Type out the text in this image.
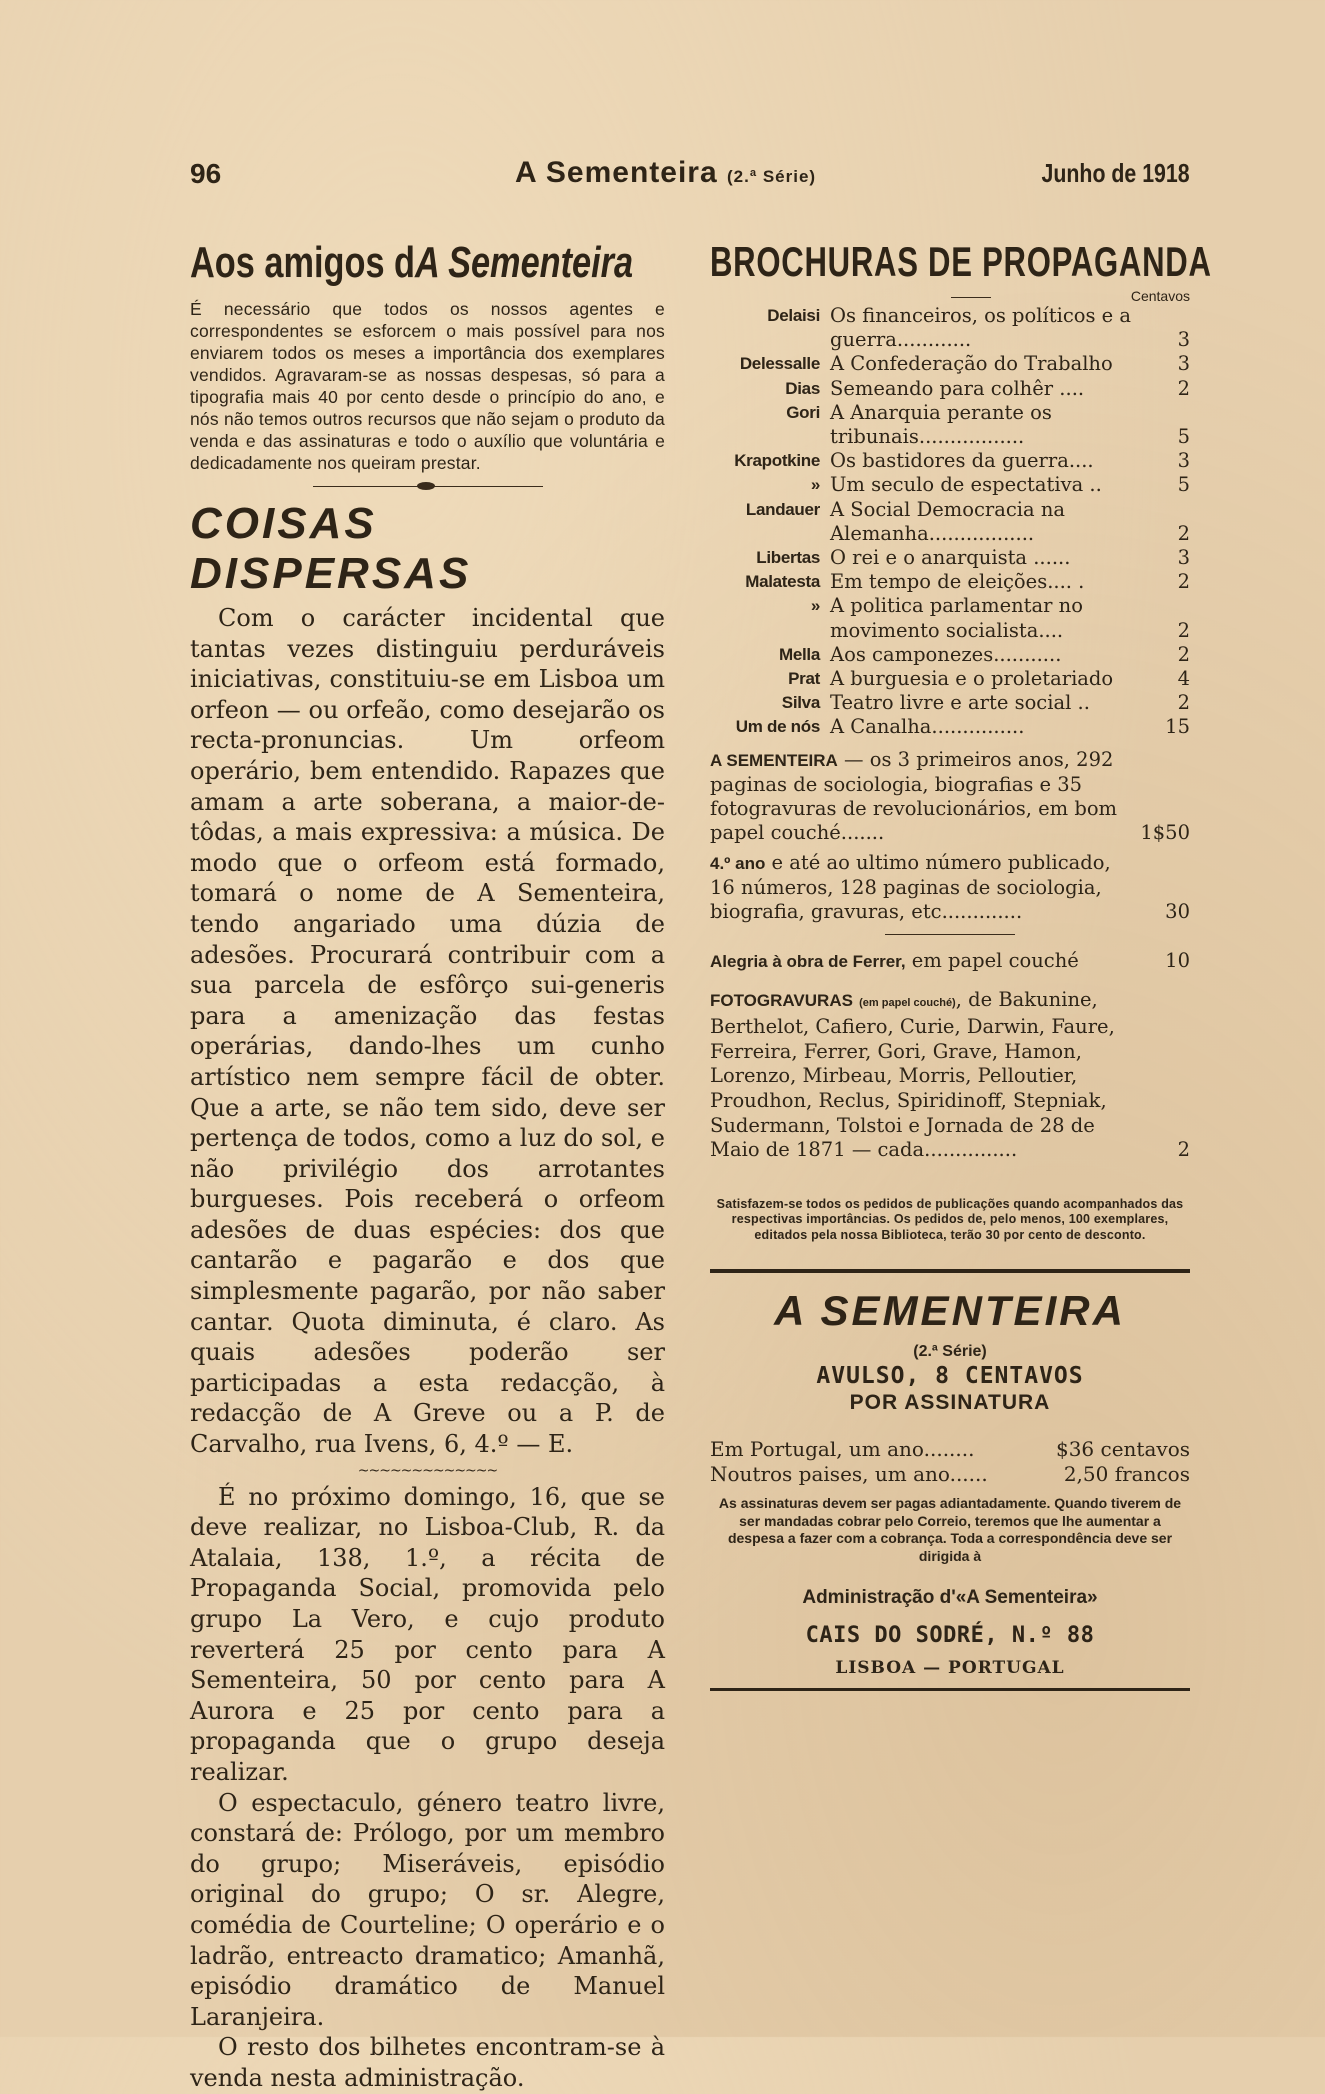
96	A Sementeira (2.ª Série)	Junho de 1918
Aos amigos dA Sementeira
É necessário que todos os nossos agentes e correspondentes se esforcem o mais possível para nos enviarem todos os meses a importância dos exemplares vendidos. Agravaram-se as nossas despesas, só para a tipografia mais 40 por cento desde o princípio do ano, e nós não temos outros recursos que não sejam o produto da venda e das assinaturas e todo o auxílio que voluntária e dedicadamente nos queiram prestar.
COISAS DISPERSAS

Com o carácter incidental que tantas vezes distinguiu perduráveis iniciativas, constituiu-se em Lisboa um orfeon — ou orfeão, como desejarão os recta-pronuncias. Um orfeom operário, bem entendido. Rapazes que amam a arte soberana, a maior-de-tôdas, a mais expressiva: a música. De modo que o orfeom está formado, tomará o nome de A Sementeira, tendo angariado uma dúzia de adesões. Procurará contribuir com a sua parcela de esfôrço sui-generis para a amenização das festas operárias, dando-lhes um cunho artístico nem sempre fácil de obter. Que a arte, se não tem sido, deve ser pertença de todos, como a luz do sol, e não privilégio dos arrotantes burgueses. Pois receberá o orfeom adesões de duas espécies: dos que cantarão e pagarão e dos que simplesmente pagarão, por não saber cantar. Quota diminuta, é claro. As quais adesões poderão ser participadas a esta redacção, à redacção de A Greve ou a P. de Carvalho, rua Ivens, 6, 4.º — E.

~~~~~~~~~~~~~

É no próximo domingo, 16, que se deve realizar, no Lisboa-Club, R. da Atalaia, 138, 1.º, a récita de Propaganda Social, promovida pelo grupo La Vero, e cujo produto reverterá 25 por cento para A Sementeira, 50 por cento para A Aurora e 25 por cento para a propaganda que o grupo deseja realizar.

O espectaculo, género teatro livre, constará de: Prólogo, por um membro do grupo; Miseráveis, episódio original do grupo; O sr. Alegre, comédia de Courteline; O operário e o ladrão, entreacto dramatico; Amanhã, episódio dramático de Manuel Laranjeira.

O resto dos bilhetes encontram-se à venda nesta administração.

BROCHURAS DE PROPAGANDA
Centavos
Delaisi	Os financeiros, os políticos e a guerra............	3
Delessalle	A Confederação do Trabalho	3
Dias	Semeando para colhêr ....	2
Gori	A Anarquia perante os tribunais.................	5
Krapotkine	Os bastidores da guerra....	3
»	Um seculo de espectativa ..	5
Landauer	A Social Democracia na Alemanha.................	2
Libertas	O rei e o anarquista ......	3
Malatesta	Em tempo de eleições.... .	2
»	A politica parlamentar no movimento socialista....	2
Mella	Aos camponezes...........	2
Prat	A burguesia e o proletariado	4
Silva	Teatro livre e arte social ..	2
Um de nós	A Canalha...............	15
A SEMENTEIRA — os 3 primeiros anos, 292 paginas de sociologia, biografias e 35 fotogravuras de revolucionários, em bom papel couché.......	1$50
4.º ano e até ao ultimo número publicado, 16 números, 128 paginas de sociologia, biografia, gravuras, etc.............	30
Alegria à obra de Ferrer, em papel couché	10
FOTOGRAVURAS (em papel couché), de Bakunine, Berthelot, Cafiero, Curie, Darwin, Faure, Ferreira, Ferrer, Gori, Grave, Hamon, Lorenzo, Mirbeau, Morris, Pelloutier, Proudhon, Reclus, Spiridinoff, Stepniak, Sudermann, Tolstoi e Jornada de 28 de Maio de 1871 — cada...............	2
Satisfazem-se todos os pedidos de publicações quando acompanhados das respectivas importâncias. Os pedidos de, pelo menos, 100 exemplares, editados pela nossa Biblioteca, terão 30 por cento de desconto.
A SEMENTEIRA
(2.ª Série)
AVULSO, 8 CENTAVOS
POR ASSINATURA
Em Portugal, um ano........	$36 centavos
Noutros paises, um ano......	2,50 francos
As assinaturas devem ser pagas adiantadamente. Quando tiverem de ser mandadas cobrar pelo Correio, teremos que lhe aumentar a despesa a fazer com a cobrança. Toda a correspondência deve ser dirigida à
Administração d'«A Sementeira»
CAIS DO SODRÉ, N.º 88
LISBOA — PORTUGAL
